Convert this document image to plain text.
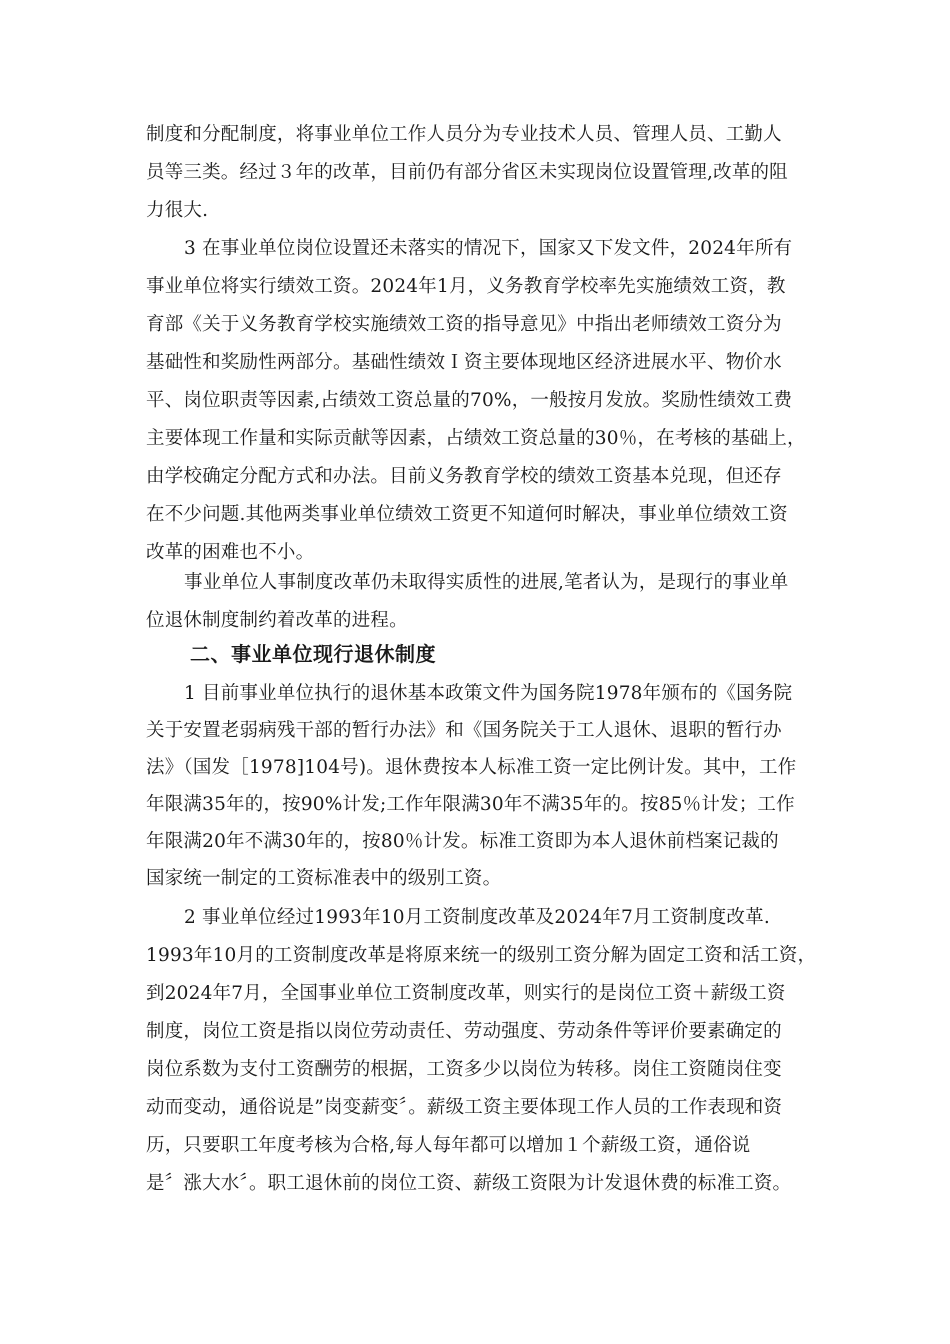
制度和分配制度，将事业单位工作人员分为专业技术人员、管理人员、工勤人
员等三类。经过３年的改革，目前仍有部分省区未实现岗位设置管理,改革的阻
力很大.
3 在事业单位岗位设置还未落实的情况下，国家又下发文件，2024年所有
事业单位将实行绩效工资。2024年1月，义务教育学校率先实施绩效工资，教
育部《关于义务教育学校实施绩效工资的指导意见》中指出老师绩效工资分为
基础性和奖励性两部分。基础性绩效Ｉ资主要体现地区经济进展水平、物价水
平、岗位职责等因素,占绩效工资总量的70%，一般按月发放。奖励性绩效工费
主要体现工作量和实际贡献等因素，占绩效工资总量的30％，在考核的基础上，
由学校确定分配方式和办法。目前义务教育学校的绩效工资基本兑现，但还存
在不少问题.其他两类事业单位绩效工资更不知道何时解决，事业单位绩效工资
改革的困难也不小。
事业单位人事制度改革仍未取得实质性的进展,笔者认为，是现行的事业单
位退休制度制约着改革的进程。
二、事业单位现行退休制度
1 目前事业单位执行的退休基本政策文件为国务院1978年颁布的《国务院
关于安置老弱病残干部的暂行办法》和《国务院关于工人退休、退职的暂行办
法》（国发［1978]104号)。退休费按本人标准工资一定比例计发。其中，工作
年限满35年的，按90%计发;工作年限满30年不满35年的。按85％计发；工作
年限满20年不满30年的，按80％计发。标准工资即为本人退休前档案记裁的
国家统一制定的工资标准表中的级别工资。
2 事业单位经过1993年10月工资制度改革及2024年7月工资制度改革.
1993年10月的工资制度改革是将原来统一的级别工资分解为固定工资和活工资，
到2024年7月，全国事业单位工资制度改革，则实行的是岗位工资＋薪级工资
制度，岗位工资是指以岗位劳动责任、劳动强度、劳动条件等评价要素确定的
岗位系数为支付工资酬劳的根据，工资多少以岗位为转移。岗住工资随岗住变
动而变动，通俗说是”岗变薪变〞。薪级工资主要体现工作人员的工作表现和资
历，只要职工年度考核为合格,每人每年都可以增加１个薪级工资，通俗说
是〞涨大水〞。职工退休前的岗位工资、薪级工资限为计发退休费的标准工资。
